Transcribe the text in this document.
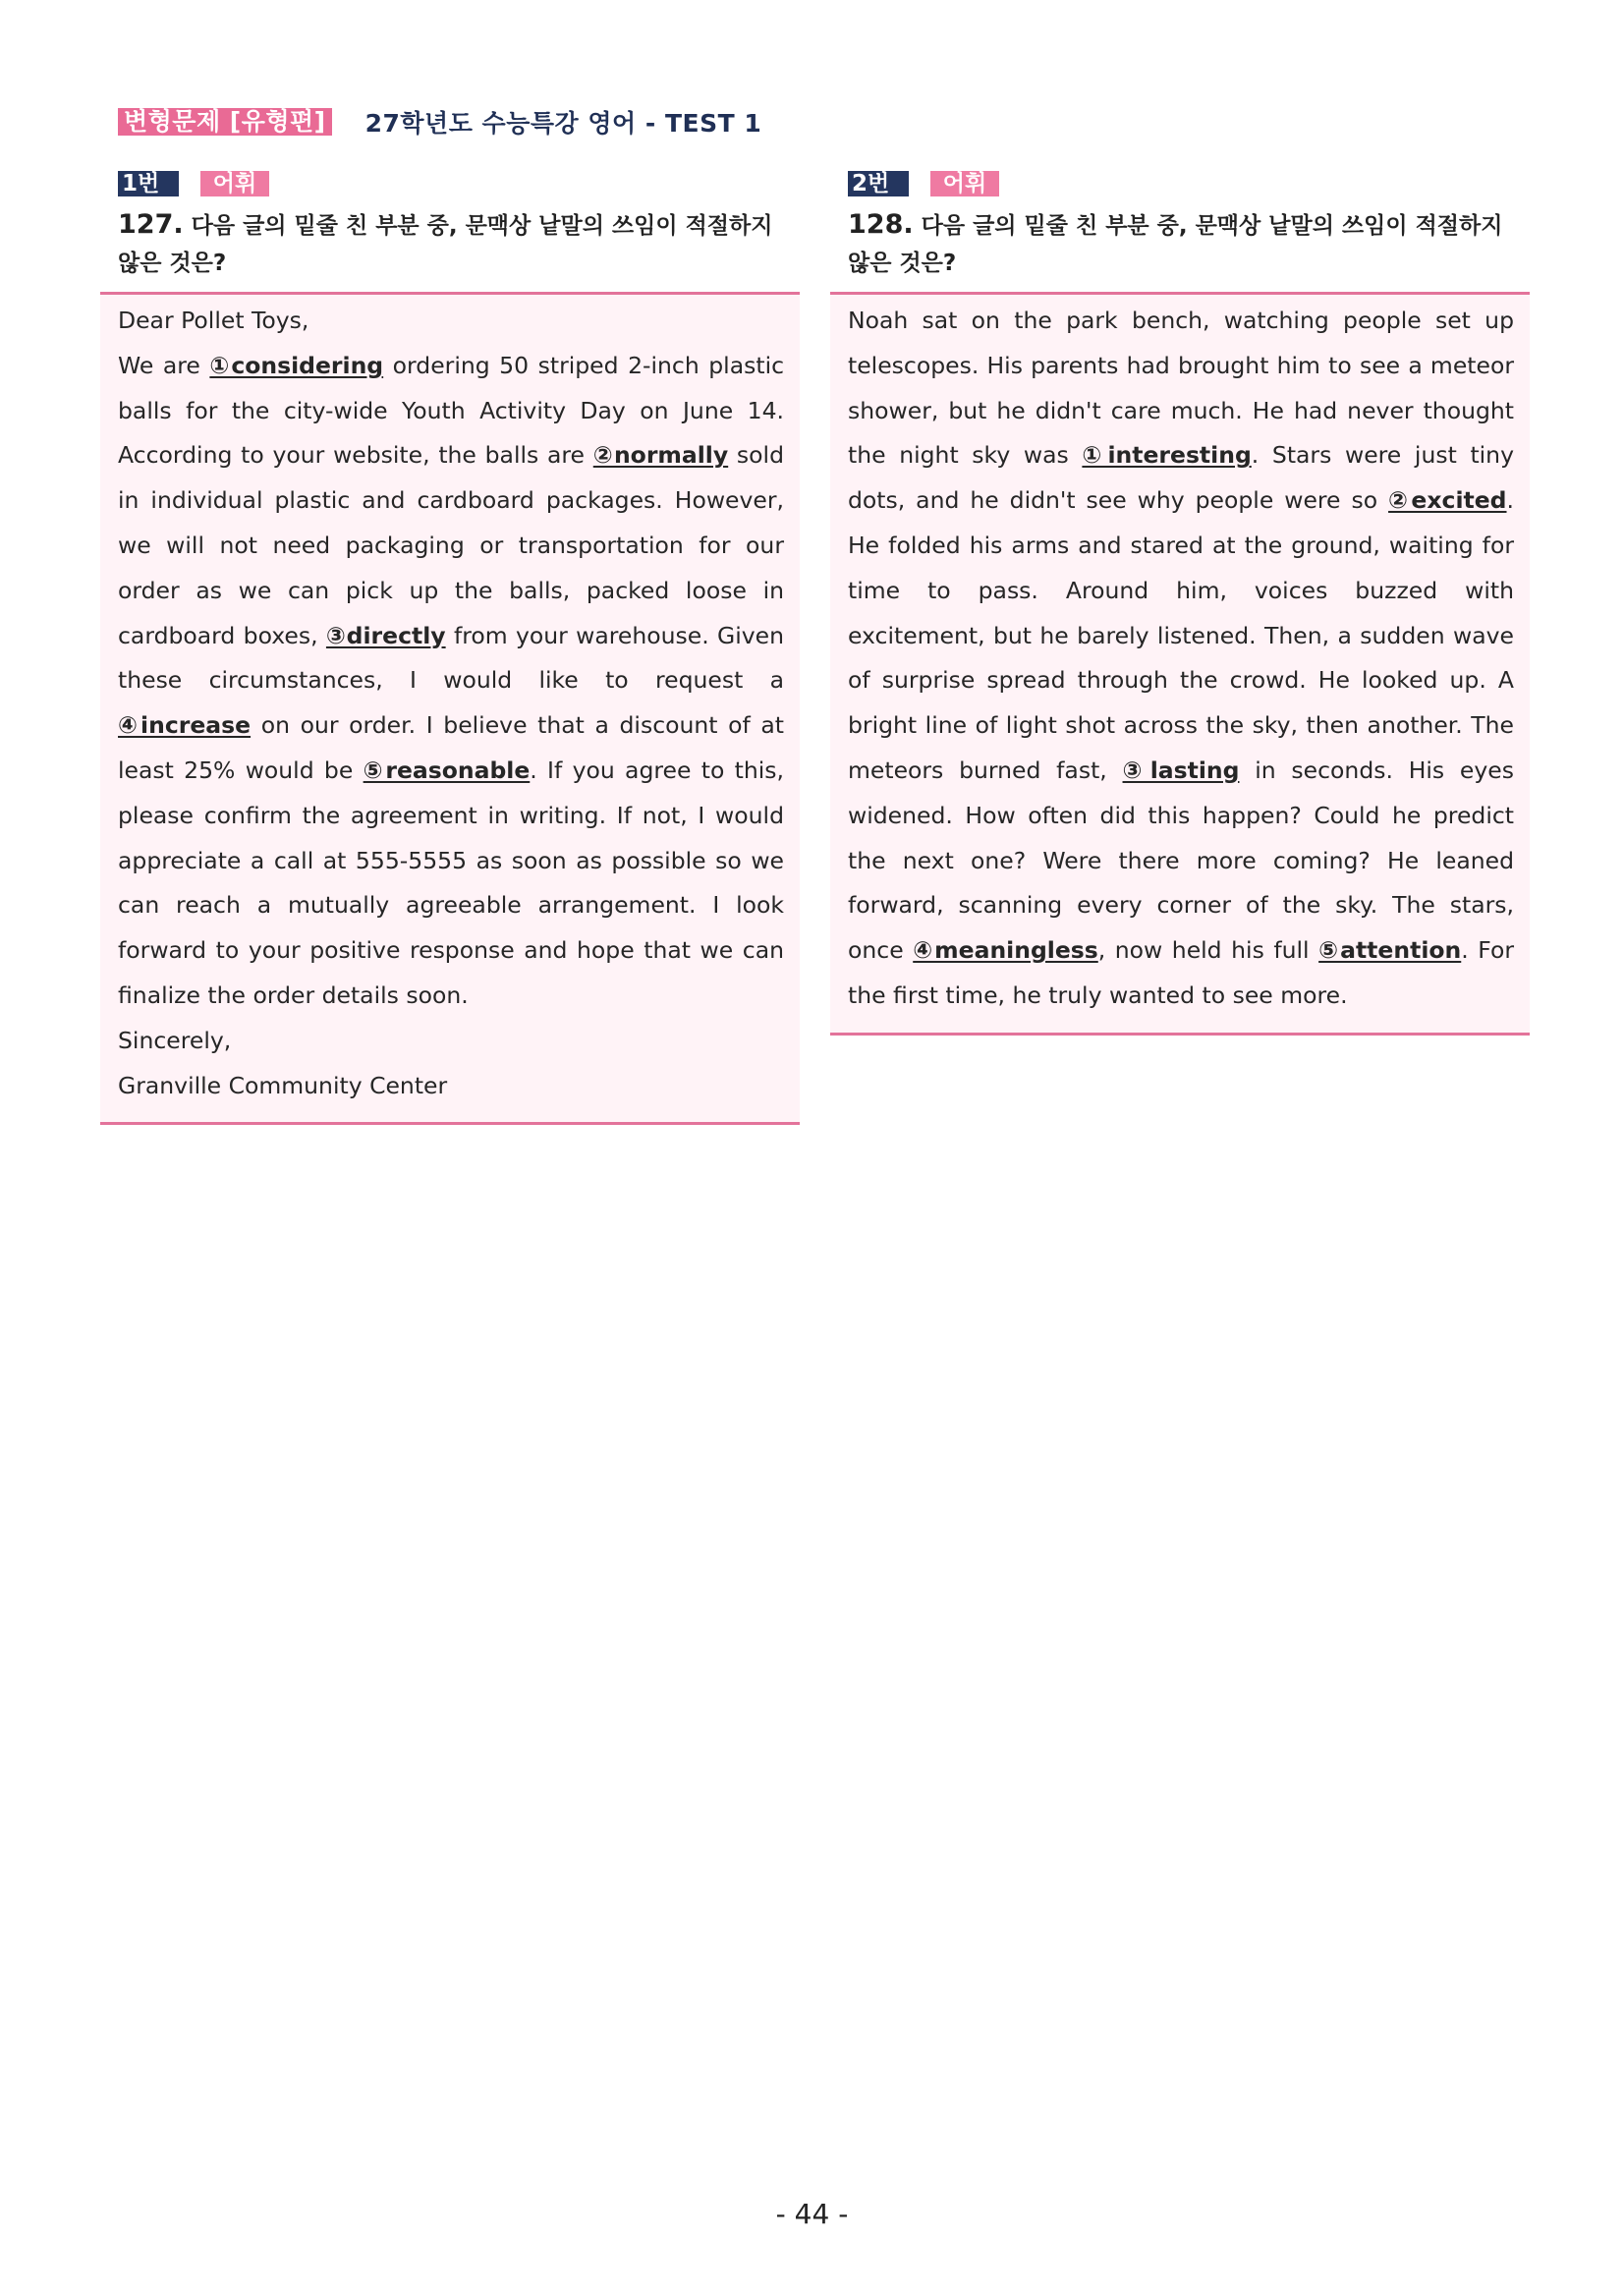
변형문제 [유형편] 27학년도 수능특강 영어 - TEST 1
1번	어휘
127. 다음 글의 밑줄 친 부분 중, 문맥상 낱말의 쓰임이 적절하지 않은 것은?
Dear Pollet Toys,
We are ①considering ordering 50 striped 2-inch plastic balls for the city-wide Youth Activity Day on June 14. According to your website, the balls are ②normally sold in individual plastic and cardboard packages. However, we will not need packaging or transportation for our order as we can pick up the balls, packed loose in cardboard boxes, ③directly from your warehouse. Given these circumstances, I would like to request a ④increase on our order. I believe that a discount of at least 25% would be ⑤reasonable. If you agree to this, please confirm the agreement in writing. If not, I would appreciate a call at 555-5555 as soon as possible so we can reach a mutually agreeable arrangement. I look forward to your positive response and hope that we can finalize the order details soon.
Sincerely,
Granville Community Center
2번	어휘
128. 다음 글의 밑줄 친 부분 중, 문맥상 낱말의 쓰임이 적절하지 않은 것은?
Noah sat on the park bench, watching people set up telescopes. His parents had brought him to see a meteor shower, but he didn't care much. He had never thought the night sky was ①interesting. Stars were just tiny dots, and he didn't see why people were so ②excited. He folded his arms and stared at the ground, waiting for time to pass. Around him, voices buzzed with excitement, but he barely listened. Then, a sudden wave of surprise spread through the crowd. He looked up. A bright line of light shot across the sky, then another. The meteors burned fast, ③lasting in seconds. His eyes widened. How often did this happen? Could he predict the next one? Were there more coming? He leaned forward, scanning every corner of the sky. The stars, once ④meaningless, now held his full ⑤attention. For the first time, he truly wanted to see more.
- 44 -
